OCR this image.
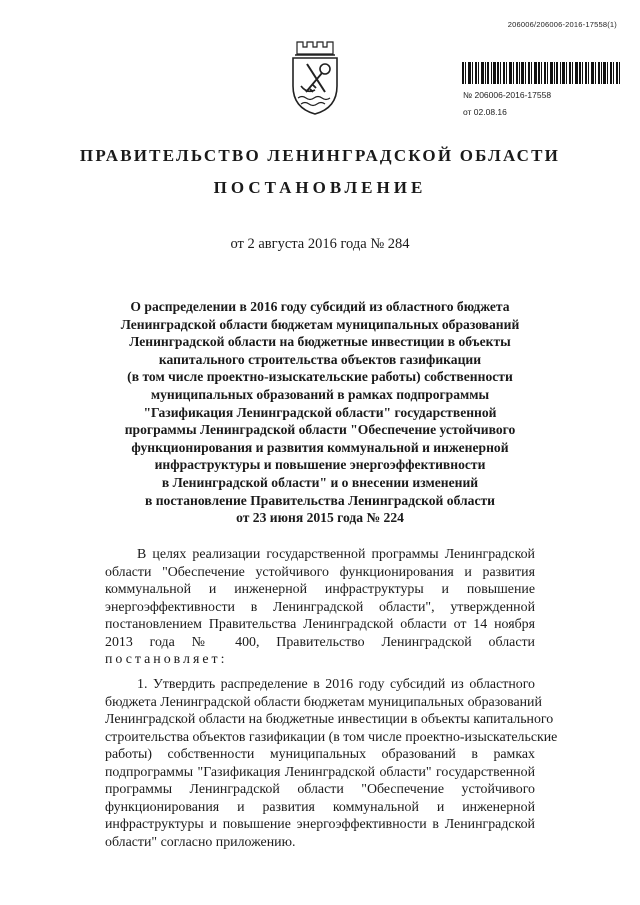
206006/206006-2016-17558(1)
№ 206006-2016-17558
от 02.08.16
ПРАВИТЕЛЬСТВО ЛЕНИНГРАДСКОЙ ОБЛАСТИ
ПОСТАНОВЛЕНИЕ
от 2 августа 2016 года № 284
О распределении в 2016 году субсидий из областного бюджета
Ленинградской области бюджетам муниципальных образований
Ленинградской области на бюджетные инвестиции в объекты
капитального строительства объектов газификации
(в том числе проектно-изыскательские работы) собственности
муниципальных образований в рамках подпрограммы
"Газификация Ленинградской области" государственной
программы Ленинградской области "Обеспечение устойчивого
функционирования и развития коммунальной и инженерной
инфраструктуры и повышение энергоэффективности
в Ленинградской области" и о внесении изменений
в постановление Правительства Ленинградской области
от 23 июня 2015 года № 224
В целях реализации государственной программы Ленинградской
области "Обеспечение устойчивого функционирования и развития
коммунальной и инженерной инфраструктуры и повышение
энергоэффективности в Ленинградской области", утвержденной
постановлением Правительства Ленинградской области от 14 ноября
2013 года № 400, Правительство Ленинградской области
постановляет:
1. Утвердить распределение в 2016 году субсидий из областного
бюджета Ленинградской области бюджетам муниципальных образований
Ленинградской области на бюджетные инвестиции в объекты капитального
строительства объектов газификации (в том числе проектно-изыскательские
работы) собственности муниципальных образований в рамках
подпрограммы "Газификация Ленинградской области" государственной
программы Ленинградской области "Обеспечение устойчивого
функционирования и развития коммунальной и инженерной
инфраструктуры и повышение энергоэффективности в Ленинградской
области" согласно приложению.
